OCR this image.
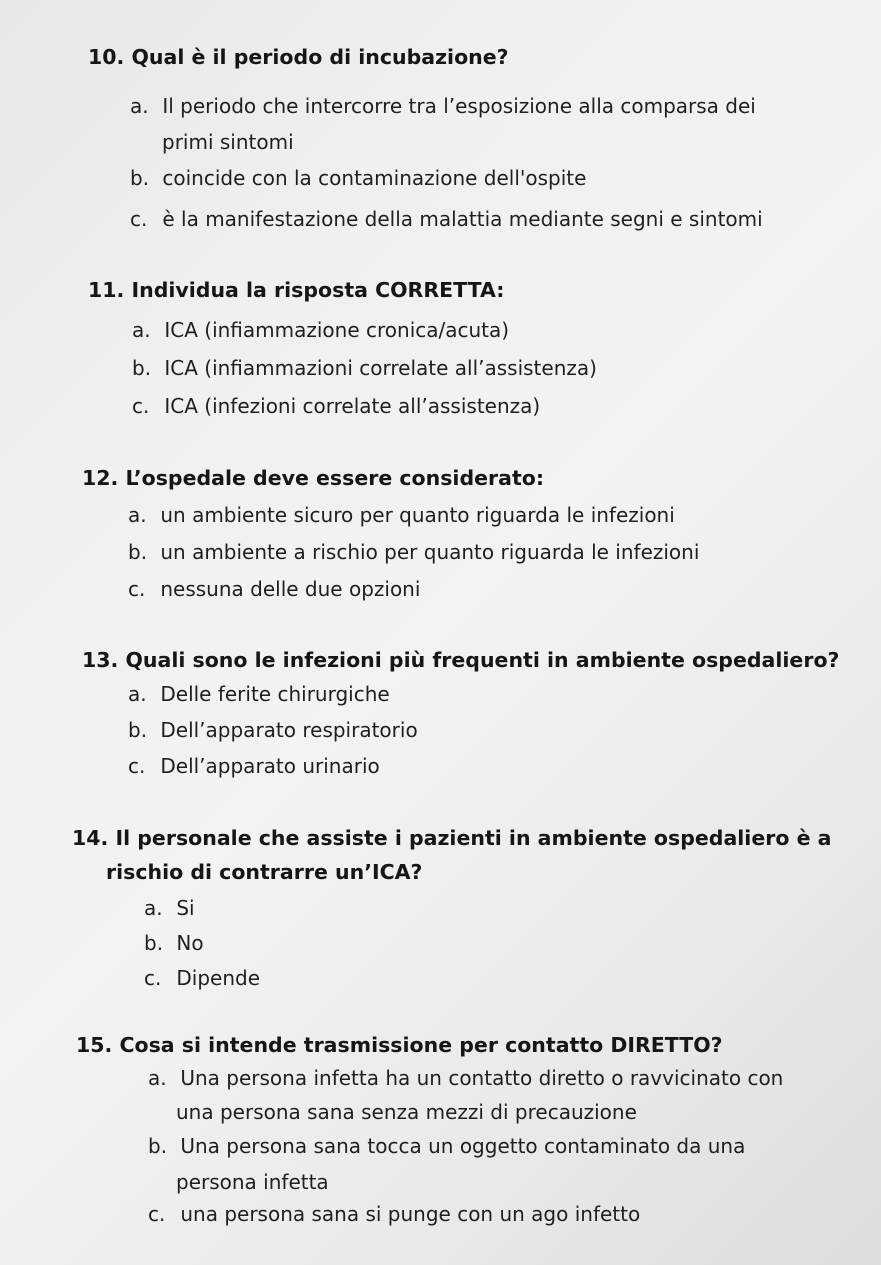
10. Qual è il periodo di incubazione?
a. Il periodo che intercorre tra l’esposizione alla comparsa dei
primi sintomi
b. coincide con la contaminazione dell'ospite
c. è la manifestazione della malattia mediante segni e sintomi
11. Individua la risposta CORRETTA:
a. ICA (infiammazione cronica/acuta)
b. ICA (infiammazioni correlate all’assistenza)
c. ICA (infezioni correlate all’assistenza)
12. L’ospedale deve essere considerato:
a. un ambiente sicuro per quanto riguarda le infezioni
b. un ambiente a rischio per quanto riguarda le infezioni
c. nessuna delle due opzioni
13. Quali sono le infezioni più frequenti in ambiente ospedaliero?
a. Delle ferite chirurgiche
b. Dell’apparato respiratorio
c. Dell’apparato urinario
14. Il personale che assiste i pazienti in ambiente ospedaliero è a
rischio di contrarre un’ICA?
a. Si
b. No
c. Dipende
15. Cosa si intende trasmissione per contatto DIRETTO?
a. Una persona infetta ha un contatto diretto o ravvicinato con
una persona sana senza mezzi di precauzione
b. Una persona sana tocca un oggetto contaminato da una
persona infetta
c. una persona sana si punge con un ago infetto
